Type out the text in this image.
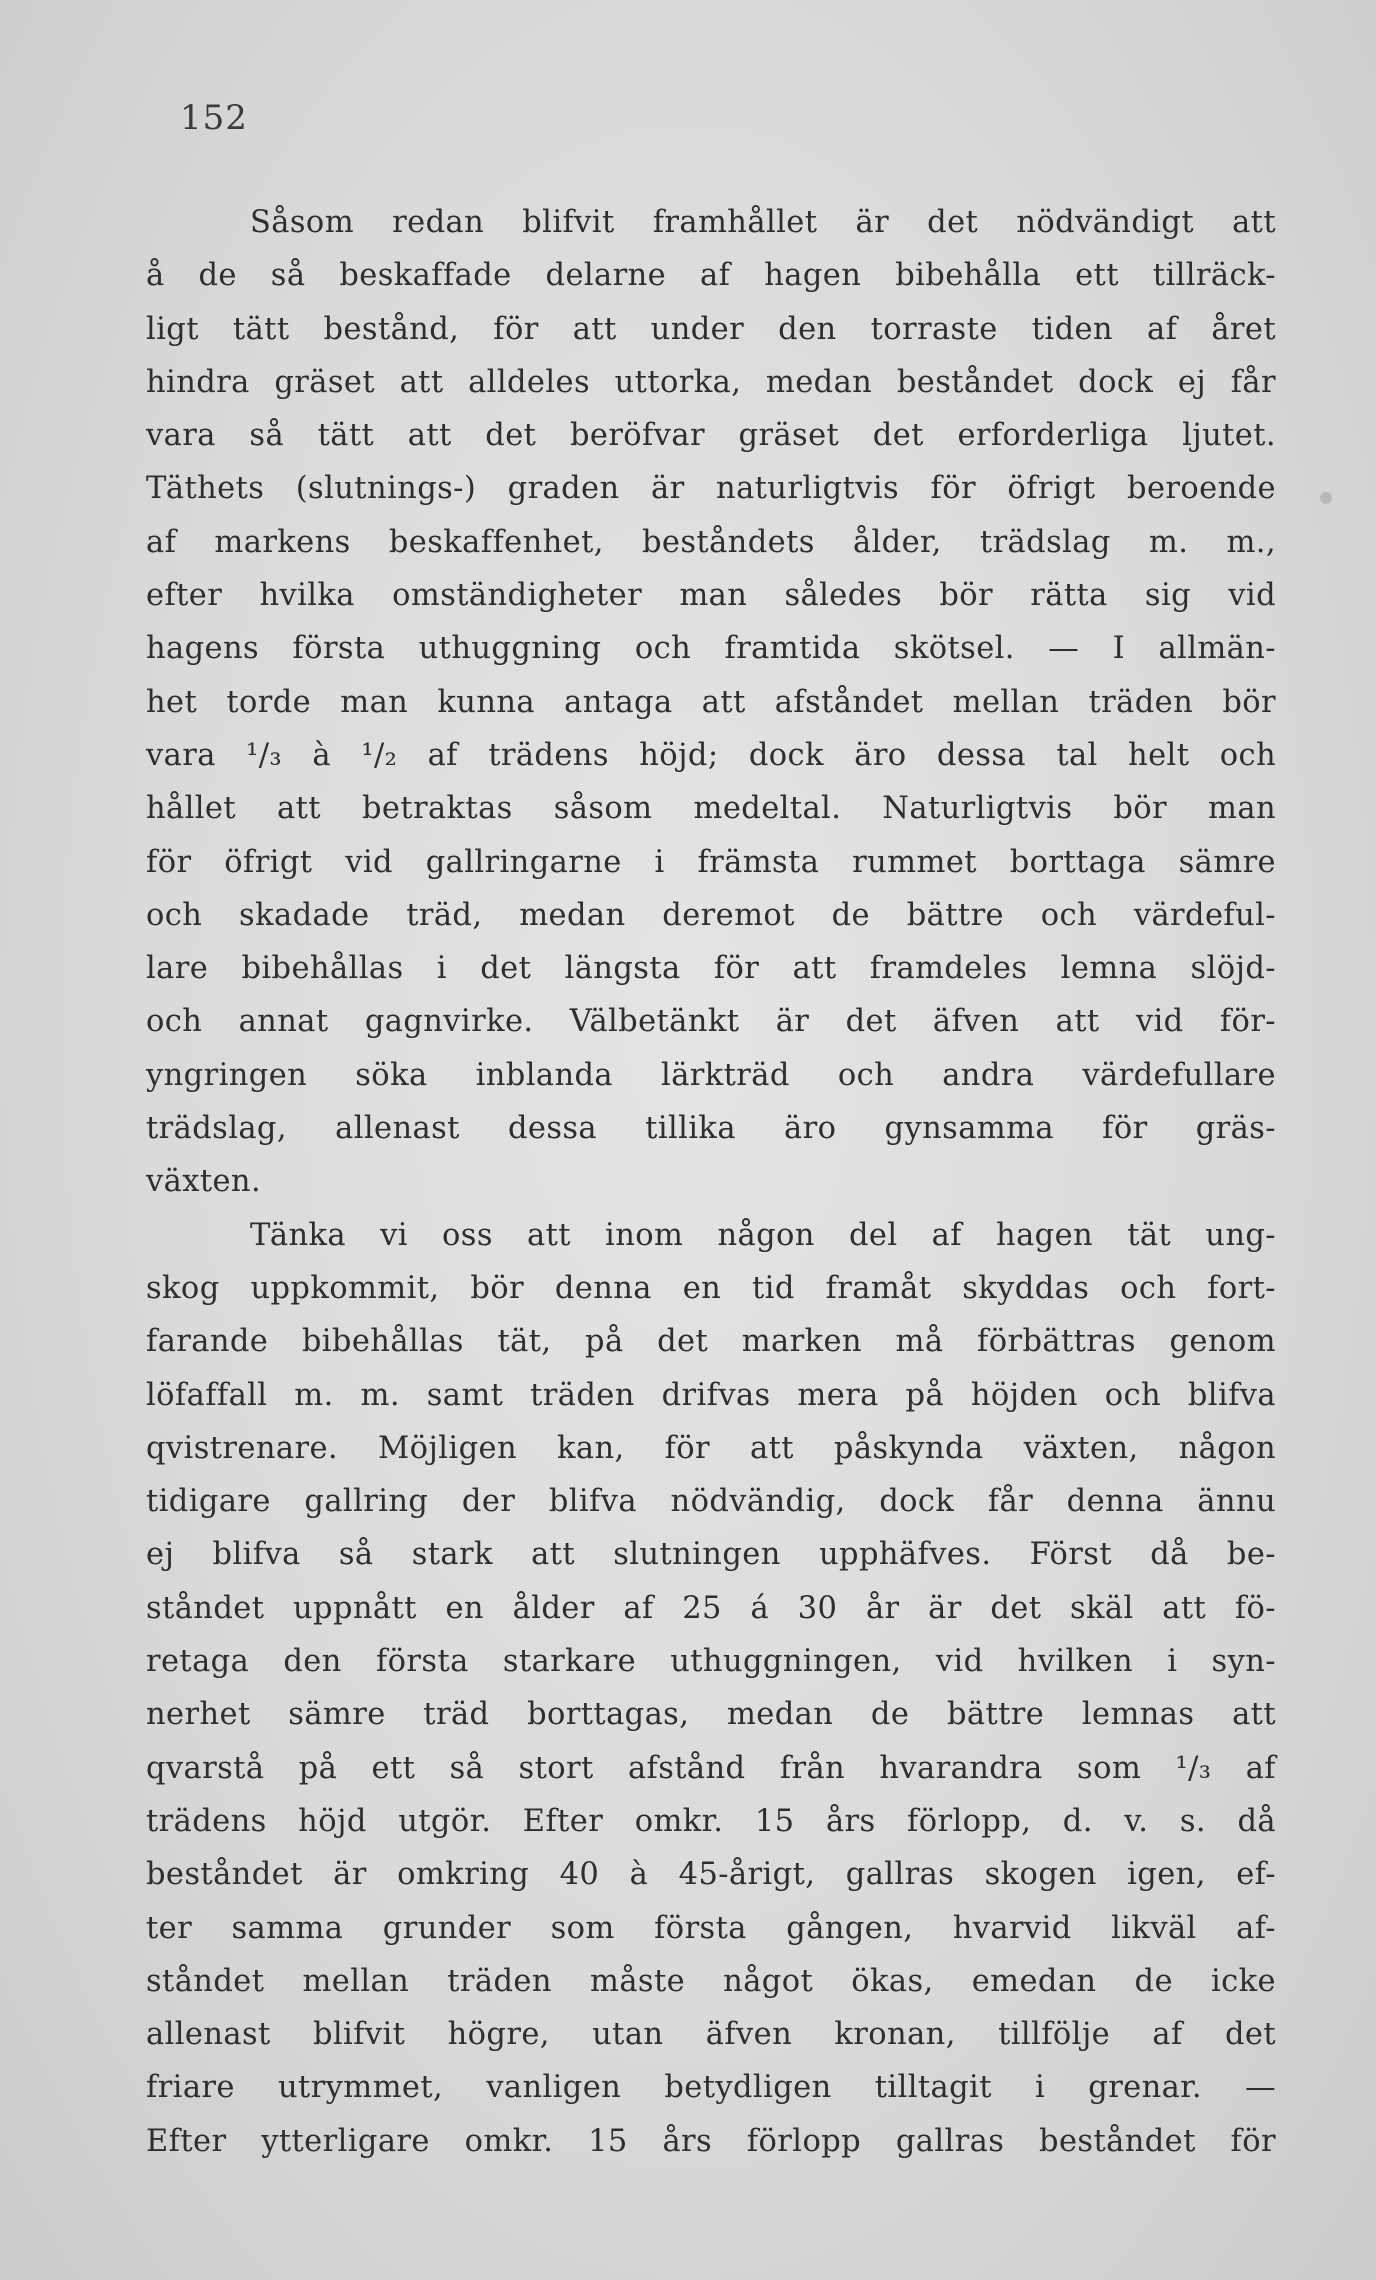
152
Såsom redan blifvit framhållet är det nödvändigt att
å de så beskaffade delarne af hagen bibehålla ett tillräck-
ligt tätt bestånd, för att under den torraste tiden af året
hindra gräset att alldeles uttorka, medan beståndet dock ej får
vara så tätt att det beröfvar gräset det erforderliga ljutet.
Täthets (slutnings-) graden är naturligtvis för öfrigt beroende
af markens beskaffenhet, beståndets ålder, trädslag m. m.,
efter hvilka omständigheter man således bör rätta sig vid
hagens första uthuggning och framtida skötsel. — I allmän-
het torde man kunna antaga att afståndet mellan träden bör
vara ¹/₃ à ¹/₂ af trädens höjd; dock äro dessa tal helt och
hållet att betraktas såsom medeltal. Naturligtvis bör man
för öfrigt vid gallringarne i främsta rummet borttaga sämre
och skadade träd, medan deremot de bättre och värdeful-
lare bibehållas i det längsta för att framdeles lemna slöjd-
och annat gagnvirke. Välbetänkt är det äfven att vid för-
yngringen söka inblanda lärkträd och andra värdefullare
trädslag, allenast dessa tillika äro gynsamma för gräs-
växten.
Tänka vi oss att inom någon del af hagen tät ung-
skog uppkommit, bör denna en tid framåt skyddas och fort-
farande bibehållas tät, på det marken må förbättras genom
löfaffall m. m. samt träden drifvas mera på höjden och blifva
qvistrenare. Möjligen kan, för att påskynda växten, någon
tidigare gallring der blifva nödvändig, dock får denna ännu
ej blifva så stark att slutningen upphäfves. Först då be-
ståndet uppnått en ålder af 25 á 30 år är det skäl att fö-
retaga den första starkare uthuggningen, vid hvilken i syn-
nerhet sämre träd borttagas, medan de bättre lemnas att
qvarstå på ett så stort afstånd från hvarandra som ¹/₃ af
trädens höjd utgör. Efter omkr. 15 års förlopp, d. v. s. då
beståndet är omkring 40 à 45-årigt, gallras skogen igen, ef-
ter samma grunder som första gången, hvarvid likväl af-
ståndet mellan träden måste något ökas, emedan de icke
allenast blifvit högre, utan äfven kronan, tillfölje af det
friare utrymmet, vanligen betydligen tilltagit i grenar. —
Efter ytterligare omkr. 15 års förlopp gallras beståndet för
